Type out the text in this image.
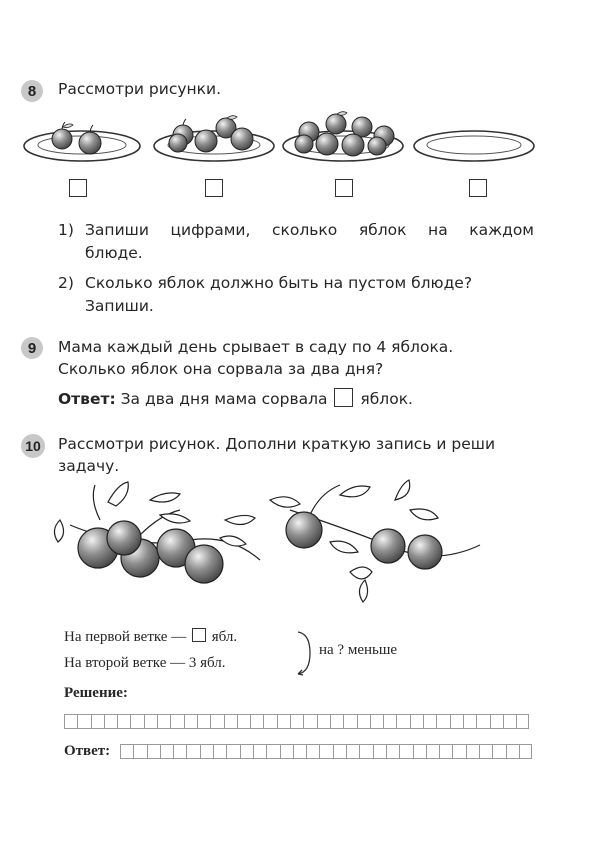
8 Рассмотри рисунки.
1) Запиши цифрами, сколько яблок на каждом
блюде.
2) Сколько яблок должно быть на пустом блюде?
Запиши.
9 Мама каждый день срывает в саду по 4 яблока.
Сколько яблок она сорвала за два дня?
Ответ: За два дня мама сорвала яблок.
10 Рассмотри рисунок. Дополни краткую запись и реши
задачу.
На первой ветке — ябл.
На второй ветке — 3 ябл.
на ? меньше
Решение:
Ответ:
